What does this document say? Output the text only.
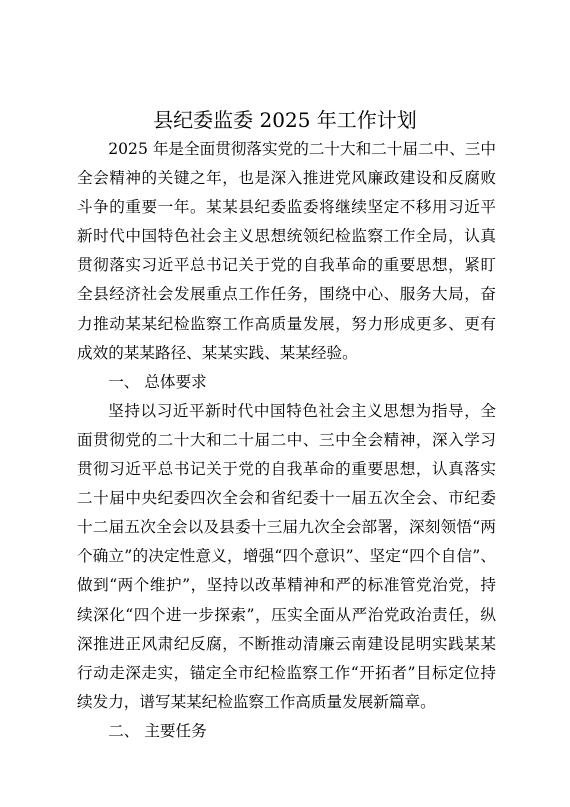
县纪委监委 2025 年工作计划

2025 年是全面贯彻落实党的二十大和二十届二中、三中全会精神的关键之年，也是深入推进党风廉政建设和反腐败斗争的重要一年。某某县纪委监委将继续坚定不移用习近平新时代中国特色社会主义思想统领纪检监察工作全局，认真贯彻落实习近平总书记关于党的自我革命的重要思想，紧盯全县经济社会发展重点工作任务，围绕中心、服务大局，奋力推动某某纪检监察工作高质量发展，努力形成更多、更有成效的某某路径、某某实践、某某经验。

一、 总体要求

坚持以习近平新时代中国特色社会主义思想为指导，全面贯彻党的二十大和二十届二中、三中全会精神，深入学习贯彻习近平总书记关于党的自我革命的重要思想，认真落实二十届中央纪委四次全会和省纪委十一届五次全会、市纪委十二届五次全会以及县委十三届九次全会部署，深刻领悟“两个确立”的决定性意义，增强“四个意识”、坚定“四个自信”、做到“两个维护”，坚持以改革精神和严的标准管党治党，持续深化“四个进一步探索”，压实全面从严治党政治责任，纵深推进正风肃纪反腐，不断推动清廉云南建设昆明实践某某行动走深走实，锚定全市纪检监察工作“开拓者”目标定位持续发力，谱写某某纪检监察工作高质量发展新篇章。

二、 主要任务
